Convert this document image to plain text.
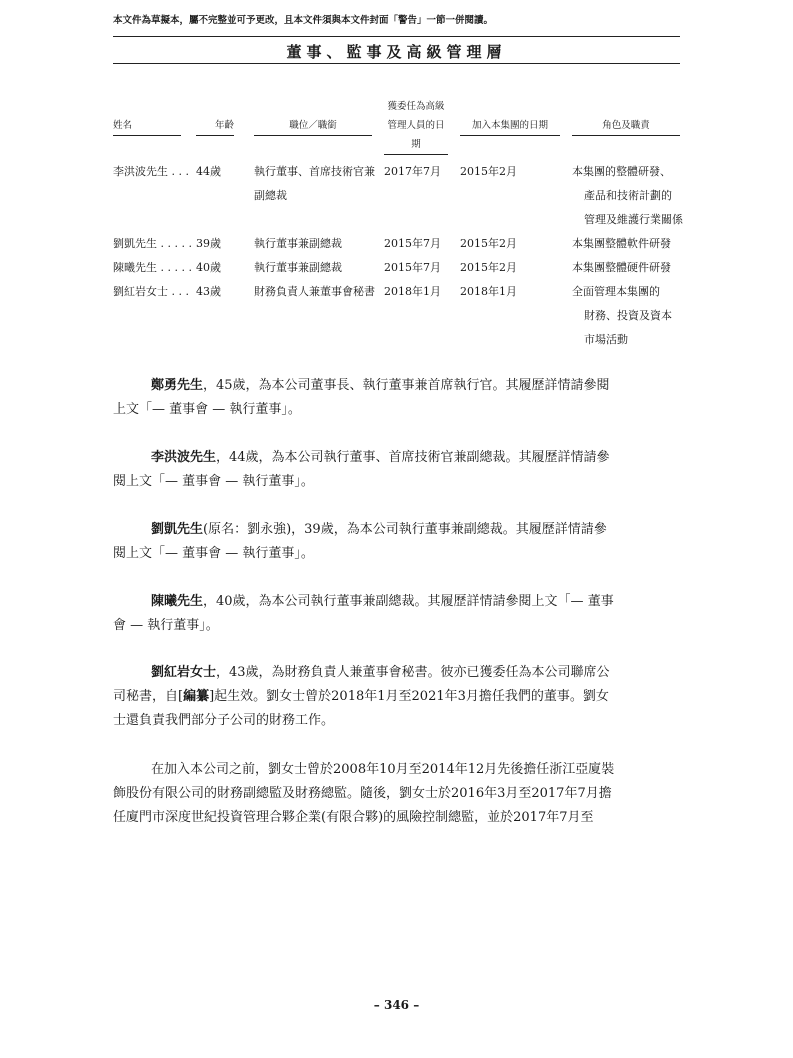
本文件為草擬本，屬不完整並可予更改，且本文件須與本文件封面「警告」一節一併閱讀。
董事、監事及高級管理層
姓名	年齡	職位／職銜
獲委任為高級
管理人員的日期
加入本集團的日期	角色及職責
李洪波先生 . . . 44歲	執行董事、首席技術官兼
副總裁
2017年7月 2015年2月	本集團的整體研發、
產品和技術計劃的
管理及維護行業關係
劉凱先生 . . . . . 39歲	執行董事兼副總裁	2015年7月 2015年2月	本集團整體軟件研發
陳曦先生 . . . . . 40歲	執行董事兼副總裁	2015年7月 2015年2月	本集團整體硬件研發
劉紅岩女士 . . . 43歲	財務負責人兼董事會秘書 2018年1月 2018年1月	全面管理本集團的
財務、投資及資本
市場活動
鄭勇先生，45歲，為本公司董事長、執行董事兼首席執行官。其履歷詳情請參閱
上文「— 董事會 — 執行董事」。
李洪波先生，44歲，為本公司執行董事、首席技術官兼副總裁。其履歷詳情請參
閱上文「— 董事會 — 執行董事」。
劉凱先生(原名：劉永強)，39歲，為本公司執行董事兼副總裁。其履歷詳情請參
閱上文「— 董事會 — 執行董事」。
陳曦先生，40歲，為本公司執行董事兼副總裁。其履歷詳情請參閱上文「— 董事
會 — 執行董事」。
劉紅岩女士，43歲，為財務負責人兼董事會秘書。彼亦已獲委任為本公司聯席公
司秘書，自[編纂]起生效。劉女士曾於2018年1月至2021年3月擔任我們的董事。劉女
士還負責我們部分子公司的財務工作。
在加入本公司之前，劉女士曾於2008年10月至2014年12月先後擔任浙江亞廈裝
飾股份有限公司的財務副總監及財務總監。隨後，劉女士於2016年3月至2017年7月擔
任廈門市深度世紀投資管理合夥企業(有限合夥)的風險控制總監，並於2017年7月至
– 346 –
